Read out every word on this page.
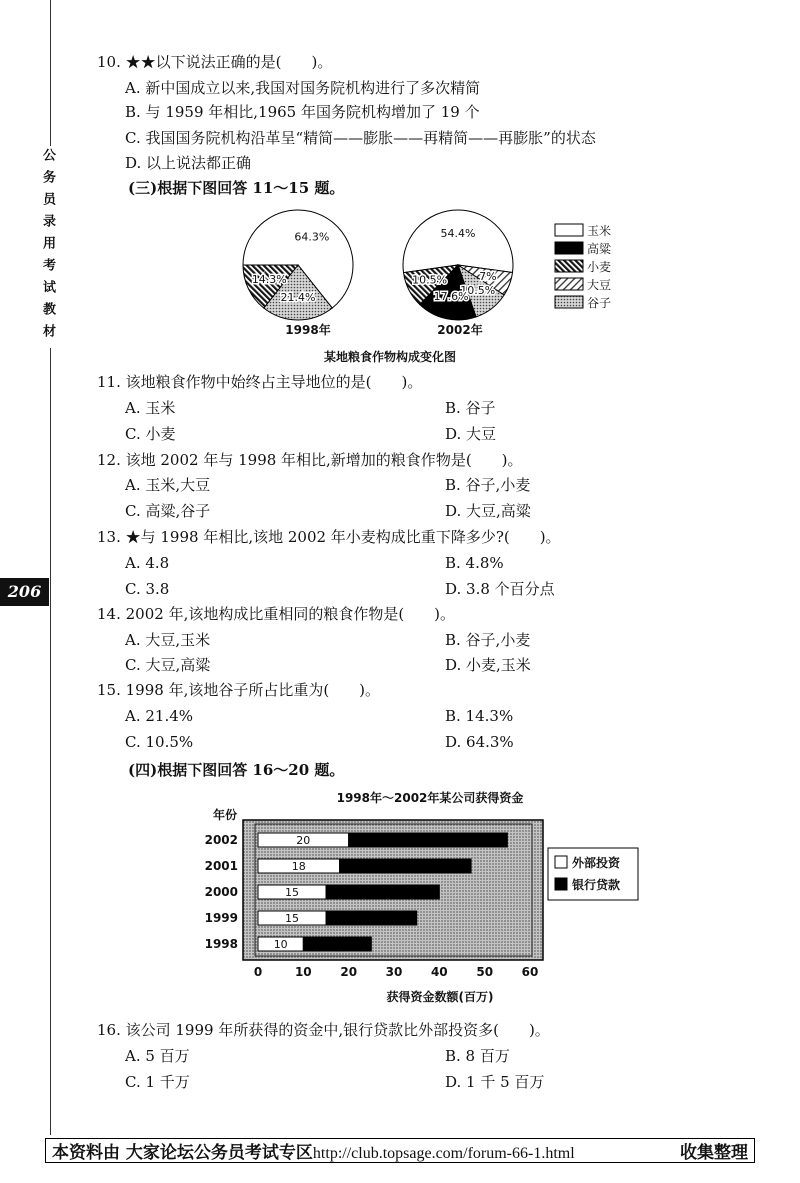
公务员录用考试教材
206
10. ★★以下说法正确的是(　　)。
A. 新中国成立以来,我国对国务院机构进行了多次精简
B. 与 1959 年相比,1965 年国务院机构增加了 19 个
C. 我国国务院机构沿革呈“精简——膨胀——再精简——再膨胀”的状态
D. 以上说法都正确
(三)根据下图回答 11～15 题。
64.3%
21.4%
14.3%
1998年
54.4%
7%
10.5%
17.6%
10.5%
2002年
某地粮食作物构成变化图
玉米
高粱
小麦
大豆
谷子
11. 该地粮食作物中始终占主导地位的是(　　)。
A. 玉米	B. 谷子
C. 小麦	D. 大豆
12. 该地 2002 年与 1998 年相比,新增加的粮食作物是(　　)。
A. 玉米,大豆	B. 谷子,小麦
C. 高粱,谷子	D. 大豆,高粱
13. ★与 1998 年相比,该地 2002 年小麦构成比重下降多少?(　　)。
A. 4.8	B. 4.8%
C. 3.8	D. 3.8 个百分点
14. 2002 年,该地构成比重相同的粮食作物是(　　)。
A. 大豆,玉米	B. 谷子,小麦
C. 大豆,高粱	D. 小麦,玉米
15. 1998 年,该地谷子所占比重为(　　)。
A. 21.4%	B. 14.3%
C. 10.5%	D. 64.3%
(四)根据下图回答 16～20 题。
1998年～2002年某公司获得资金
年份
2002	20
2001	18
2000	15
1999	15
1998	10
0	10 20 30 40 50 60
获得资金数额(百万)
外部投资
银行贷款
16. 该公司 1999 年所获得的资金中,银行贷款比外部投资多(　　)。
A. 5 百万	B. 8 百万
C. 1 千万	D. 1 千 5 百万
本资料由 大家论坛公务员考试专区http://club.topsage.com/forum-66-1.html	收集整理
